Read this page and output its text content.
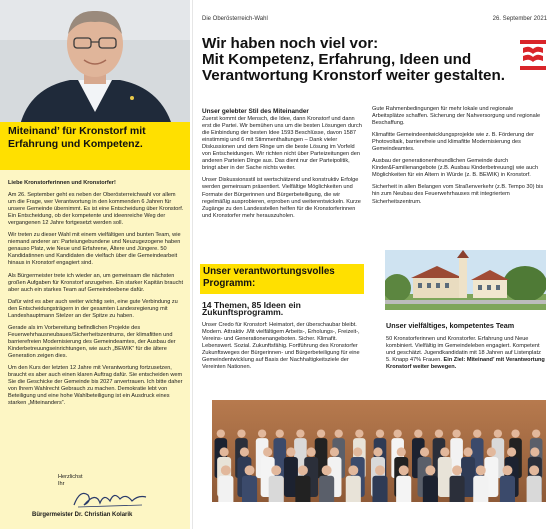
Miteinand’ für Kronstorf mit Erfahrung und Kompetenz.

Liebe Kronstorferinnen und Kronstorfer!

Am 26. September geht es neben der Oberösterreichwahl vor allem um die Frage, wer Verantwortung in den kommenden 6 Jahren für unsere Gemeinde übernimmt. Es ist eine Entscheidung über Kronstorf. Ein Entscheidung, ob der kompetente und ideenreiche Weg der vergangenen 12 Jahre fortgesetzt werden soll.

Wir treten zu dieser Wahl mit einem vielfältigen und bunten Team, wie niemand anderer an: Parteiungebundene und Neuzugezogene haben genauso Platz, wie Neue und Erfahrene, Ältere und Jüngere. 50 Kandidatinnen und Kandidaten die vielfach über die Gemeindearbeit hinaus in Kronstorf engagiert sind.

Als Bürgermeister trete ich wieder an, um gemeinsam die nächsten großen Aufgaben für Kronstorf anzugehen. Ein starker Kapitän braucht aber auch ein starkes Team auf Gemeindeebene dafür.

Dafür wird es aber auch weiter wichtig sein, eine gute Verbindung zu den Entscheidungsträgern in der gesamten Landesregierung mit Landeshauptmann Stelzer an der Spitze zu haben.

Gerade als im Vorbereitung befindlichen Projekte des Feuerwehrhausneubaues/Sicherheitszentrums, der klimafitten und barrierefreien Modernisierung des Gemeindeamtes, der Ausbau der Kinderbetreuungseinrichtungen, wie auch „BEWIK“ für die ältere Generation zeigen dies.

Um den Kurs der letzten 12 Jahre mit Verantwortung fortzusetzen, braucht es aber auch einen klaren Auftrag dafür. Sie entscheiden wem Sie die Geschicke der Gemeinde bis 2027 anvertrauen. Ich bitte daher von Ihrem Wahlrecht Gebrauch zu machen. Demokratie lebt von Beteiligung und eine hohe Wahlbeteiligung ist ein Ausdruck eines starken „Miteinanders“.

Herzlichst
Ihr
Bürgermeister Dr. Christian Kolarik
Die Oberösterreich-Wahl	26. September 2021
Wir haben noch viel vor:
Mit Kompetenz, Erfahrung, Ideen und
Verantwortung Kronstorf weiter gestalten.
Unser gelebter Stil des Miteinander

Zuerst kommt der Mensch, die Idee, dann Kronstorf und dann erst die Partei. Wir bemühen uns um die besten Lösungen durch die Einbindung der besten Idee 1593 Beschlüsse, davon 1587 einstimmig und 6 mit Stimmenthaltungen – Dank vieler Diskussionen und dem Ringe um die beste Lösung im Vorfeld von Entscheidungen. Wir richten nicht über Parteizeitungen den anderen Parteien Dinge aus. Das dient nur der Parteipolitik, bringt aber in der Sache nichts weiter.

Unser Diskussionsstil ist wertschätzend und konstruktiv Erfolge werden gemeinsam präsentiert. Vielfältige Möglichkeiten und Formate der Bürgerinnen und Bürgerbeteiligung, die wir regelmäßig ausprobieren, erproben und weiterentwickeln. Kurze Zugänge zu den Landesstellen helfen für die Kronstorferinnen und Kronstorfer mehr herauszuholen.

Gute Rahmenbedingungen für mehr lokale und regionale Arbeitsplätze schaffen. Sicherung der Nahversorgung und regionale Beschaffung.

Klimafitte Gemeindeentwicklungsprojekte wie z. B. Förderung der Photovoltaik, barrierefreie und klimafitte Modernisierung des Gemeindeamtes.

Ausbau der generationenfreundlichen Gemeinde durch Kinder&Familienangebote (z.B. Ausbau Kinderbetreuung) wie auch Möglichkeiten für ein Altern in Würde (z. B. BEWIK) in Kronstorf.

Sicherheit in allen Belangen vom Straßenverkehr (z.B. Tempo 30) bis hin zum Neubau des Feuerwehrhauses mit integriertem Sicherheitszentrum.

Unser verantwortungsvolles Programm:
14 Themen, 85 Ideen ein Zukunftsprogramm.

Unser Credo für Kronstorf: Heimatort, der überschaubar bleibt. Modern. Attraktiv .Mit vielfältigem Arbeits-, Erholungs-, Freizeit-, Vereins- und Generationenangeboten. Sicher. Klimafit. Lebenswert. Sozial. Zukunftsfähig. Fortführung des Kronstorfer Zukunftsweges der Bürgerinnen- und Bürgerbeteiligung für eine Gemeindentwicklung auf Basis der Nachhaltigkeitsziele der Vereinten Nationen.

Unser vielfältiges, kompetentes Team

50 Kronstorferinnen und Kronstorfer. Erfahrung und Neue kombiniert. Vielfältig im Gemeindeleben engagiert. Kompetent und geschätzt. Jugendkandidatin mit 18 Jahren auf Listenplatz 5. Knapp 47% Frauen. Ein Ziel: Miteinand’ mit Verantwortung Kronstorf weiter bewegen.
